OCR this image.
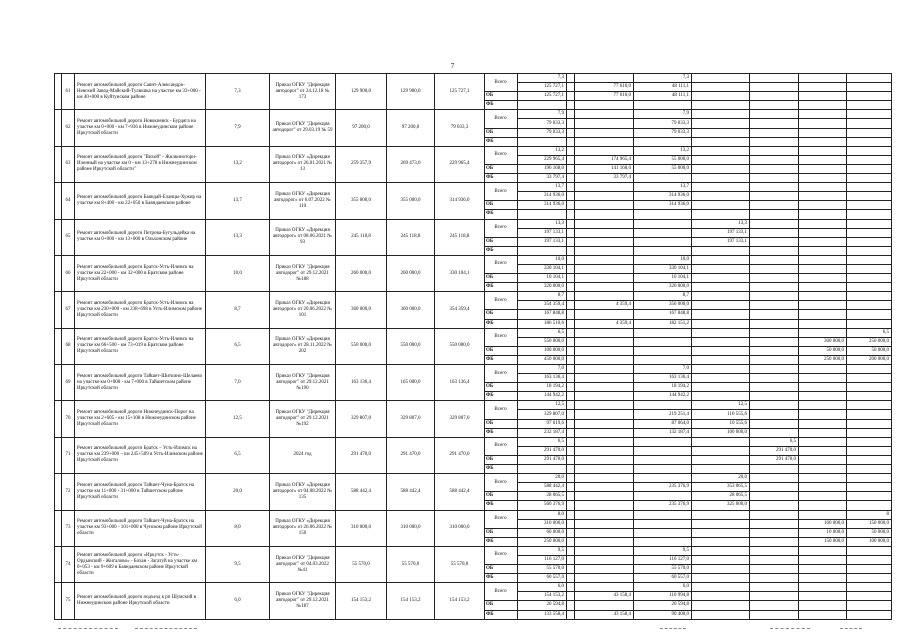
7
	61	Ремонт автомобильной дороги Саянт-Александро-Невский Завод-Майский-Тулюшка на участке км 33+000 - км 40+000 в Куйтунском районе	7,3	Приказ ОГКУ "Дирекция автодорог" от 24.12.18 № 173	129 900,0	129 900,0	125 727,1	Всего	7,3			7,3				
									125 727,1		77 616,0	48 111,1				
								ОБ	125 727,1		77 616,0	48 111,1				
								ФБ								
	62	Ремонт автомобильной дороги Новокиевск - Бурдяга на участке км 0+000 - км 7+936 в Нижнеудинском районе Иркутской области	7,9	Приказ ОГКУ "Дирекция автодорог" от 29.03.19 № 59	97 200,0	97 200,0	79 033,3	Всего	7,9			7,9				
									79 033,3			79 033,3				
								ОБ	79 033,3			79 033,3				
								ФБ								
	63	Ремонт автомобильной дороги "Вихой" - Жилкинотори-Иленный на участке км 0 - км 13+278 в Нижнеудинском районе Иркутской области"	13,2	Приказ ОГКУ «Дирекция автодорог» от 26.01.2021 № 13	259 357,9	269 473,0	229 965,4	Всего	13,2			13,2				
									229 965,4		174 965,4	55 000,0				
								ОБ	196 168,0		141 168,0	55 000,0				
								ФБ	33 797,4		33 797,4					
	64	Ремонт автомобильной дороги Баяндай-Еланцы-Хужир на участке км 8+400 - км 22+050 в Баяндаевском районе	13,7	Приказ ОГКУ «Дирекция автодорог» от 6.07.2022 № 110	355 000,0	355 000,0	314 936,0	Всего	13,7			13,7				
									314 936,0			314 936,0				
								ОБ	314 936,0			314 936,0				
								ФБ								
	65	Ремонт автомобильной дороги Петрова-Бугульдейка на участке км 0+000 - км 13+000 в Ольхонском районе	13,3	Приказ ОГКУ «Дирекция автодорог» от 08.06.2021 № 93	245 118,8	245 118,8	245 118,8	Всего	13,3				13,3			
									197 133,1				197 133,1			
								ОБ	197 133,1				197 133,1			
								ФБ								
	66	Ремонт автомобильной дороги Братск-Усть-Илимск на участке км 22+000 - км 32+000 в Братском районе Иркутской области	10,0	Приказ ОГКУ "Дирекция автодорог" от 29.12.2021 №188	260 000,0	260 000,0	330 104,1	Всего	10,0			10,0				
									330 104,1			330 104,1				
								ОБ	10 104,1			10 104,1				
								ФБ	320 000,0			320 000,0				
	67	Ремонт автомобильной дороги Братск-Усть-Илимск на участке км 230+000 - км 238+698 в Усть-Илимском районе Иркутской области	8,7	Приказ ОГКУ «Дирекция автодорог» от 20.06.2022 № 101	360 000,0	360 000,0	354 359,4	Всего	8,7			8,7				
									354 359,4		4 359,4	350 000,0				
								ОБ	167 848,8			167 848,8				
								ФБ	186 510,6		4 359,4	182 151,2				
	68	Ремонт автомобильной дороги Братск-Усть-Илимск на участке км 66+500 - км 73+019 в Братском районе Иркутской области	6,5	Приказ ОГКУ «Дирекция автодорог» от 28.11.2022 № 202	550 000,0	550 000,0	550 000,0	Всего	6,5							6,5
									550 000,0						300 000,0	250 000,0
								ОБ	100 000,0						50 000,0	50 000,0
								ФБ	450 000,0						250 000,0	200 000,0
	69	Ремонт автомобильной дороги Тайшет-Шиткино-Шелаево на участке км 0+000 - км 7+000 в Тайшетском районе Иркутской области	7,0	Приказ ОГКУ "Дирекция автодорог" от 29.12.2021 №190	163 136,4	165 000,0	163 136,4	Всего	7,0			7,0				
									163 136,4			163 136,4				
								ОБ	18 194,2			18 194,2				
								ФБ	144 942,2			144 942,2				
	70	Ремонт автомобильной дороги Нижнеудинск-Порог на участке км 2+605 - км 15+108 в Нижнеудинском районе Иркутской области	12,5	Приказ ОГКУ "Дирекция автодорог" от 29.12.2021 №192	329 807,0	329 807,0	329 807,0	Всего	12,5				12,5			
									329 807,0			219 251,4	110 555,6			
								ОБ	97 619,6			87 064,0	10 555,6			
								ФБ	232 187,4			132 187,4	100 000,0			
	71	Ремонт автомобильной дороги Братск – Усть-Илимск на участке км 239+000 – км 245+509 в Усть-Илимском районе Иркутской области	6,5	2024 год	291 470,0	291 470,0	291 470,0	Всего	6,5					6,5		
									291 470,0					291 470,0		
								ОБ	291 470,0					291 470,0		
								ФБ								
	72	Ремонт автомобильной дороги Тайшет-Чуна-Братск на участке км 11+000 - 31+000 в Тайшетском районе Иркутской области	20,0	Приказ ОГКУ «Дирекция автодорог» от 04.08.2022 № 135	588 442,4	588 442,4	588 442,4	Всего	20,0				20,0			
									588 442,4			235 376,9	353 065,5			
								ОБ	28 065,5				28 065,5			
								ФБ	560 376,9			235 376,9	325 000,0			
	73	Ремонт автомобильной дороги Тайшет-Чуна-Братск на участке км 93+000 - 101+000 в Чунском районе Иркутской области	8,0	Приказ ОГКУ «Дирекция автодорог» от 26.06.2022 № 150	310 000,0	310 000,0	310 000,0	Всего	8,0							8
									310 000,0						160 000,0	150 000,0
								ОБ	60 000,0						10 000,0	50 000,0
								ФБ	250 000,0						150 000,0	100 000,0
	74	Ремонт автомобильной дороги «Иркутск - Усть-Ордынский - Жигалово» - Бохан - Загатуй на участке км 0+053 - км 9+609 в Баяндаевском районе Иркутской области	9,5	Приказ ОГКУ "Дирекция автодорог" от 04.03.2022 №41	55 570,0	55 570,0	55 570,0	Всего	9,5			9,5				
									116 127,0			116 127,0				
								ОБ	55 570,0			55 570,0				
								ФБ	60 557,0			60 557,0				
	75	Ремонт автомобильной дороги подъезд к рп Шумский в Нижнеудинском районе Иркутской области	6,0	Приказ ОГКУ "Дирекция автодорог" от 29.12.2021 №187	154 153,2	154 153,2	154 153,2	Всего	6,0			6,0				
									154 153,2		43 158,4	110 994,8				
								ОБ	20 594,8			20 594,8				
								ФБ	133 558,4		43 158,4	90 400,0				
